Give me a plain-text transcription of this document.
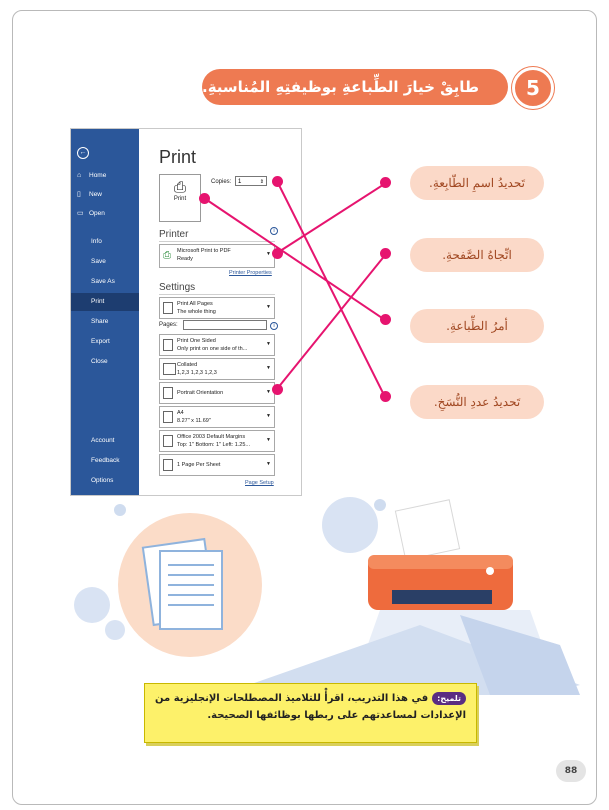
طابِقْ خيارَ الطِّباعةِ بوظيفتِهِ المُناسبةِ.	5
←
⌂ Home
▯ New
▭ Open
Info
Save
Save As
Print
Share
Export
Close
Account
Feedback
Options
Print
⎙
Print
Copies:	1	⇕
i
Printer
⎙ Microsoft Print to PDF
Ready
▼
Printer Properties
Settings
Print All Pages
The whole thing
▼
Pages:	i
Print One Sided
Only print on one side of th...
▼
Collated
1,2,3 1,2,3 1,2,3
▼
Portrait Orientation	▼
A4
8.27" x 11.69"
▼
Office 2003 Default Margins
Top: 1" Bottom: 1" Left: 1.25...
▼
1 Page Per Sheet	▼
Page Setup
تَحديدُ اسمِ الطّابِعةِ.
اتِّجاهُ الصَّفحةِ.
أمرُ الطِّباعةِ.
تَحديدُ عددِ النُّسَخِ.
تلميح:في هذا التدريب، اقرأْ للتلاميذ المصطلحات الإنجليزية من الإعدادات لمساعدتهم على ربطها بوظائفها الصحيحة.
88
